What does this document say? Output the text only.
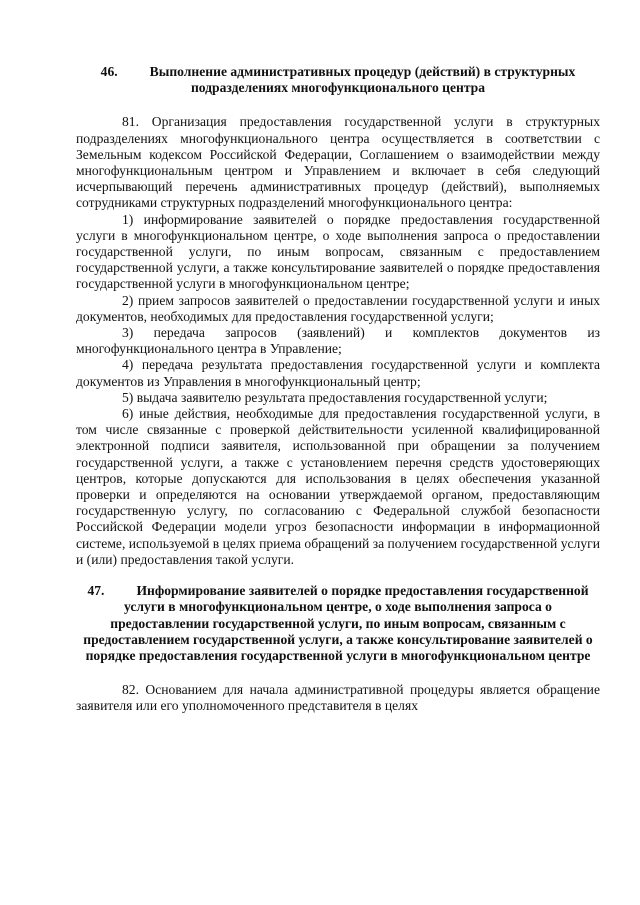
46. Выполнение административных процедур (действий) в структурных подразделениях многофункционального центра

81. Организация предоставления государственной услуги в структурных подразделениях многофункционального центра осуществляется в соответствии с Земельным кодексом Российской Федерации, Соглашением о взаимодействии между многофункциональным центром и Управлением и включает в себя следующий исчерпывающий перечень административных процедур (действий), выполняемых сотрудниками структурных подразделений многофункционального центра:

1) информирование заявителей о порядке предоставления государственной услуги в многофункциональном центре, о ходе выполнения запроса о предоставлении государственной услуги, по иным вопросам, связанным с предоставлением государственной услуги, а также консультирование заявителей о порядке предоставления государственной услуги в многофункциональном центре;

2) прием запросов заявителей о предоставлении государственной услуги и иных документов, необходимых для предоставления государственной услуги;

3) передача запросов (заявлений) и комплектов документов из многофункционального центра в Управление;

4) передача результата предоставления государственной услуги и комплекта документов из Управления в многофункциональный центр;

5) выдача заявителю результата предоставления государственной услуги;

6) иные действия, необходимые для предоставления государственной услуги, в том числе связанные с проверкой действительности усиленной квалифицированной электронной подписи заявителя, использованной при обращении за получением государственной услуги, а также с установлением перечня средств удостоверяющих центров, которые допускаются для использования в целях обеспечения указанной проверки и определяются на основании утверждаемой органом, предоставляющим государственную услугу, по согласованию с Федеральной службой безопасности Российской Федерации модели угроз безопасности информации в информационной системе, используемой в целях приема обращений за получением государственной услуги и (или) предоставления такой услуги.

47. Информирование заявителей о порядке предоставления государственной услуги в многофункциональном центре, о ходе выполнения запроса о предоставлении государственной услуги, по иным вопросам, связанным с предоставлением государственной услуги, а также консультирование заявителей о порядке предоставления государственной услуги в многофункциональном центре

82. Основанием для начала административной процедуры является обращение заявителя или его уполномоченного представителя в целях
